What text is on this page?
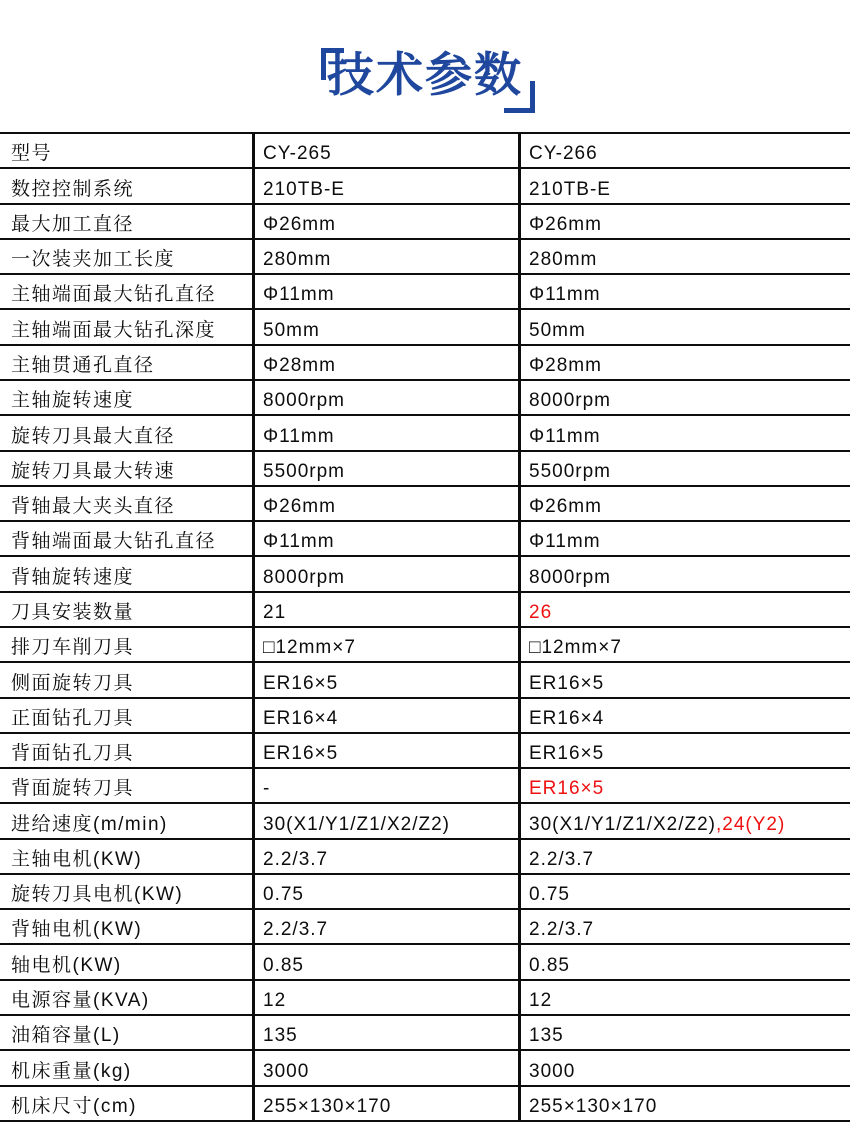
技术参数
型号	CY-265	CY-266
数控控制系统	210TB-E	210TB-E
最大加工直径	Φ26mm	Φ26mm
一次装夹加工长度	280mm	280mm
主轴端面最大钻孔直径 Φ11mm	Φ11mm
主轴端面最大钻孔深度 50mm	50mm
主轴贯通孔直径	Φ28mm	Φ28mm
主轴旋转速度	8000rpm	8000rpm
旋转刀具最大直径	Φ11mm	Φ11mm
旋转刀具最大转速	5500rpm	5500rpm
背轴最大夹头直径	Φ26mm	Φ26mm
背轴端面最大钻孔直径 Φ11mm	Φ11mm
背轴旋转速度	8000rpm	8000rpm
刀具安装数量	21	26
排刀车削刀具	□12mm×7	□12mm×7
侧面旋转刀具	ER16×5	ER16×5
正面钻孔刀具	ER16×4	ER16×4
背面钻孔刀具	ER16×5	ER16×5
背面旋转刀具	-	ER16×5
进给速度(m/min)	30(X1/Y1/Z1/X2/Z2)	30(X1/Y1/Z1/X2/Z2) ,24(Y2)
主轴电机(KW)	2.2/3.7	2.2/3.7
旋转刀具电机(KW)	0.75	0.75
背轴电机(KW)	2.2/3.7	2.2/3.7
轴电机(KW)	0.85	0.85
电源容量(KVA)	12	12
油箱容量(L)	135	135
机床重量(kg)	3000	3000
机床尺寸(cm)	255×130×170	255×130×170
